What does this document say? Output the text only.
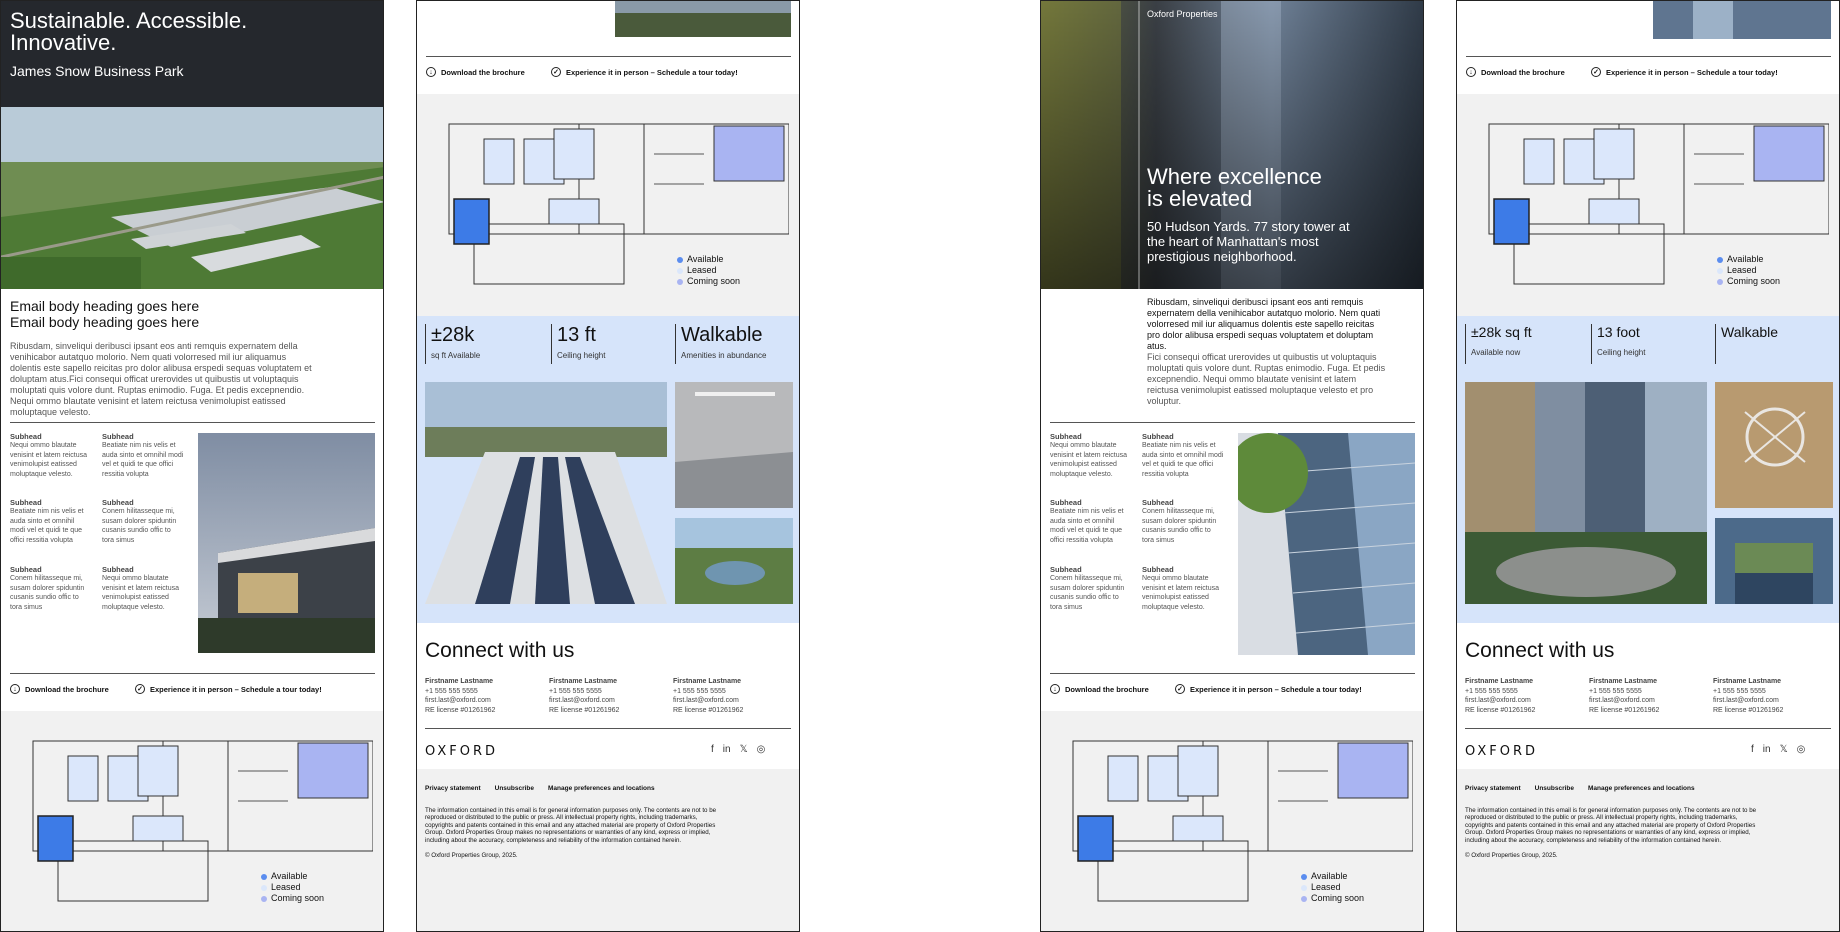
Sustainable. Accessible. Innovative.
James Snow Business Park
Email body heading goes here
Email body heading goes here
Ribusdam, sinveliqui deribusci ipsant eos anti remquis expernatem della venihicabor autatquo molorio. Nem quati volorresed mil iur aliquamus dolentis este sapello reicitas pro dolor alibusa erspedi sequas voluptatem et doluptam atus.Fici consequi officat urerovides ut quibustis ut voluptaquis moluptati quis volore dunt. Ruptas enimodio. Fuga. Et pedis excepnendio. Nequi ommo blautate venisint et latem reictusa venimolupist eatissed moluptaque velesto.
Subhead
Nequi ommo blautate venisint et latem reictusa venimolupist eatissed moluptaque velesto.
Subhead
Beatiate nim nis velis et auda sinto et omnihil modi vel et quidi te que offici ressitia volupta
Subhead
Beatiate nim nis velis et auda sinto et omnihil modi vel et quidi te que offici ressitia volupta
Subhead
Conem hilitasseque mi, susam dolorer spiduntin cusanis sundio offic to tora simus
Subhead
Conem hilitasseque mi, susam dolorer spiduntin cusanis sundio offic to tora simus
Subhead
Nequi ommo blautate venisint et latem reictusa venimolupist eatissed moluptaque velesto.
↓	Download the brochure	✓ Experience it in person – Schedule a tour today!
Available
Leased
Coming soon
↓	Download the brochure	✓ Experience it in person – Schedule a tour today!
Available
Leased
Coming soon
±28k
sq ft Available
13 ft
Ceiling height
Walkable
Amenities in abundance
Connect with us
Firstname Lastname
+1 555 555 5555
first.last@oxford.com
RE license #01261962
Firstname Lastname
+1 555 555 5555
first.last@oxford.com
RE license #01261962
Firstname Lastname
+1 555 555 5555
first.last@oxford.com
RE license #01261962
OXFORD	f in 𝕏 ◎
Privacy statement Unsubscribe Manage preferences and locations
The information contained in this email is for general information purposes only. The contents are not to be reproduced or distributed to the public or press. All intellectual property rights, including trademarks, copyrights and patents contained in this email and any attached material are property of Oxford Properties Group. Oxford Properties Group makes no representations or warranties of any kind, express or implied, including about the accuracy, completeness and reliability of the information contained herein.
© Oxford Properties Group, 2025.
Oxford Properties
Where excellence
is elevated
50 Hudson Yards. 77 story tower at the heart of Manhattan's most prestigious neighborhood.
Ribusdam, sinveliqui deribusci ipsant eos anti remquis expernatem della venihicabor autatquo molorio. Nem quati volorresed mil iur aliquamus dolentis este sapello reicitas pro dolor alibusa erspedi sequas voluptatem et doluptam atus.
Fici consequi officat urerovides ut quibustis ut voluptaquis moluptati quis volore dunt. Ruptas enimodio. Fuga. Et pedis excepnendio. Nequi ommo blautate venisint et latem reictusa venimolupist eatissed moluptaque velesto et pro voluptur.
Subhead
Nequi ommo blautate venisint et latem reictusa venimolupist eatissed moluptaque velesto.
Subhead
Beatiate nim nis velis et auda sinto et omnihil modi vel et quidi te que offici ressitia volupta
Subhead
Beatiate nim nis velis et auda sinto et omnihil modi vel et quidi te que offici ressitia volupta
Subhead
Conem hilitasseque mi, susam dolorer spiduntin cusanis sundio offic to tora simus
Subhead
Conem hilitasseque mi, susam dolorer spiduntin cusanis sundio offic to tora simus
Subhead
Nequi ommo blautate venisint et latem reictusa venimolupist eatissed moluptaque velesto.
↓	Download the brochure	✓ Experience it in person – Schedule a tour today!
Available
Leased
Coming soon
↓	Download the brochure	✓ Experience it in person – Schedule a tour today!
Available
Leased
Coming soon
±28k sq ft
Available now
13 foot
Ceiling height
Walkable
Connect with us
Firstname Lastname
+1 555 555 5555
first.last@oxford.com
RE license #01261962
Firstname Lastname
+1 555 555 5555
first.last@oxford.com
RE license #01261962
Firstname Lastname
+1 555 555 5555
first.last@oxford.com
RE license #01261962
OXFORD	f in 𝕏 ◎
Privacy statement Unsubscribe Manage preferences and locations
The information contained in this email is for general information purposes only. The contents are not to be reproduced or distributed to the public or press. All intellectual property rights, including trademarks, copyrights and patents contained in this email and any attached material are property of Oxford Properties Group. Oxford Properties Group makes no representations or warranties of any kind, express or implied, including about the accuracy, completeness and reliability of the information contained herein.
© Oxford Properties Group, 2025.
